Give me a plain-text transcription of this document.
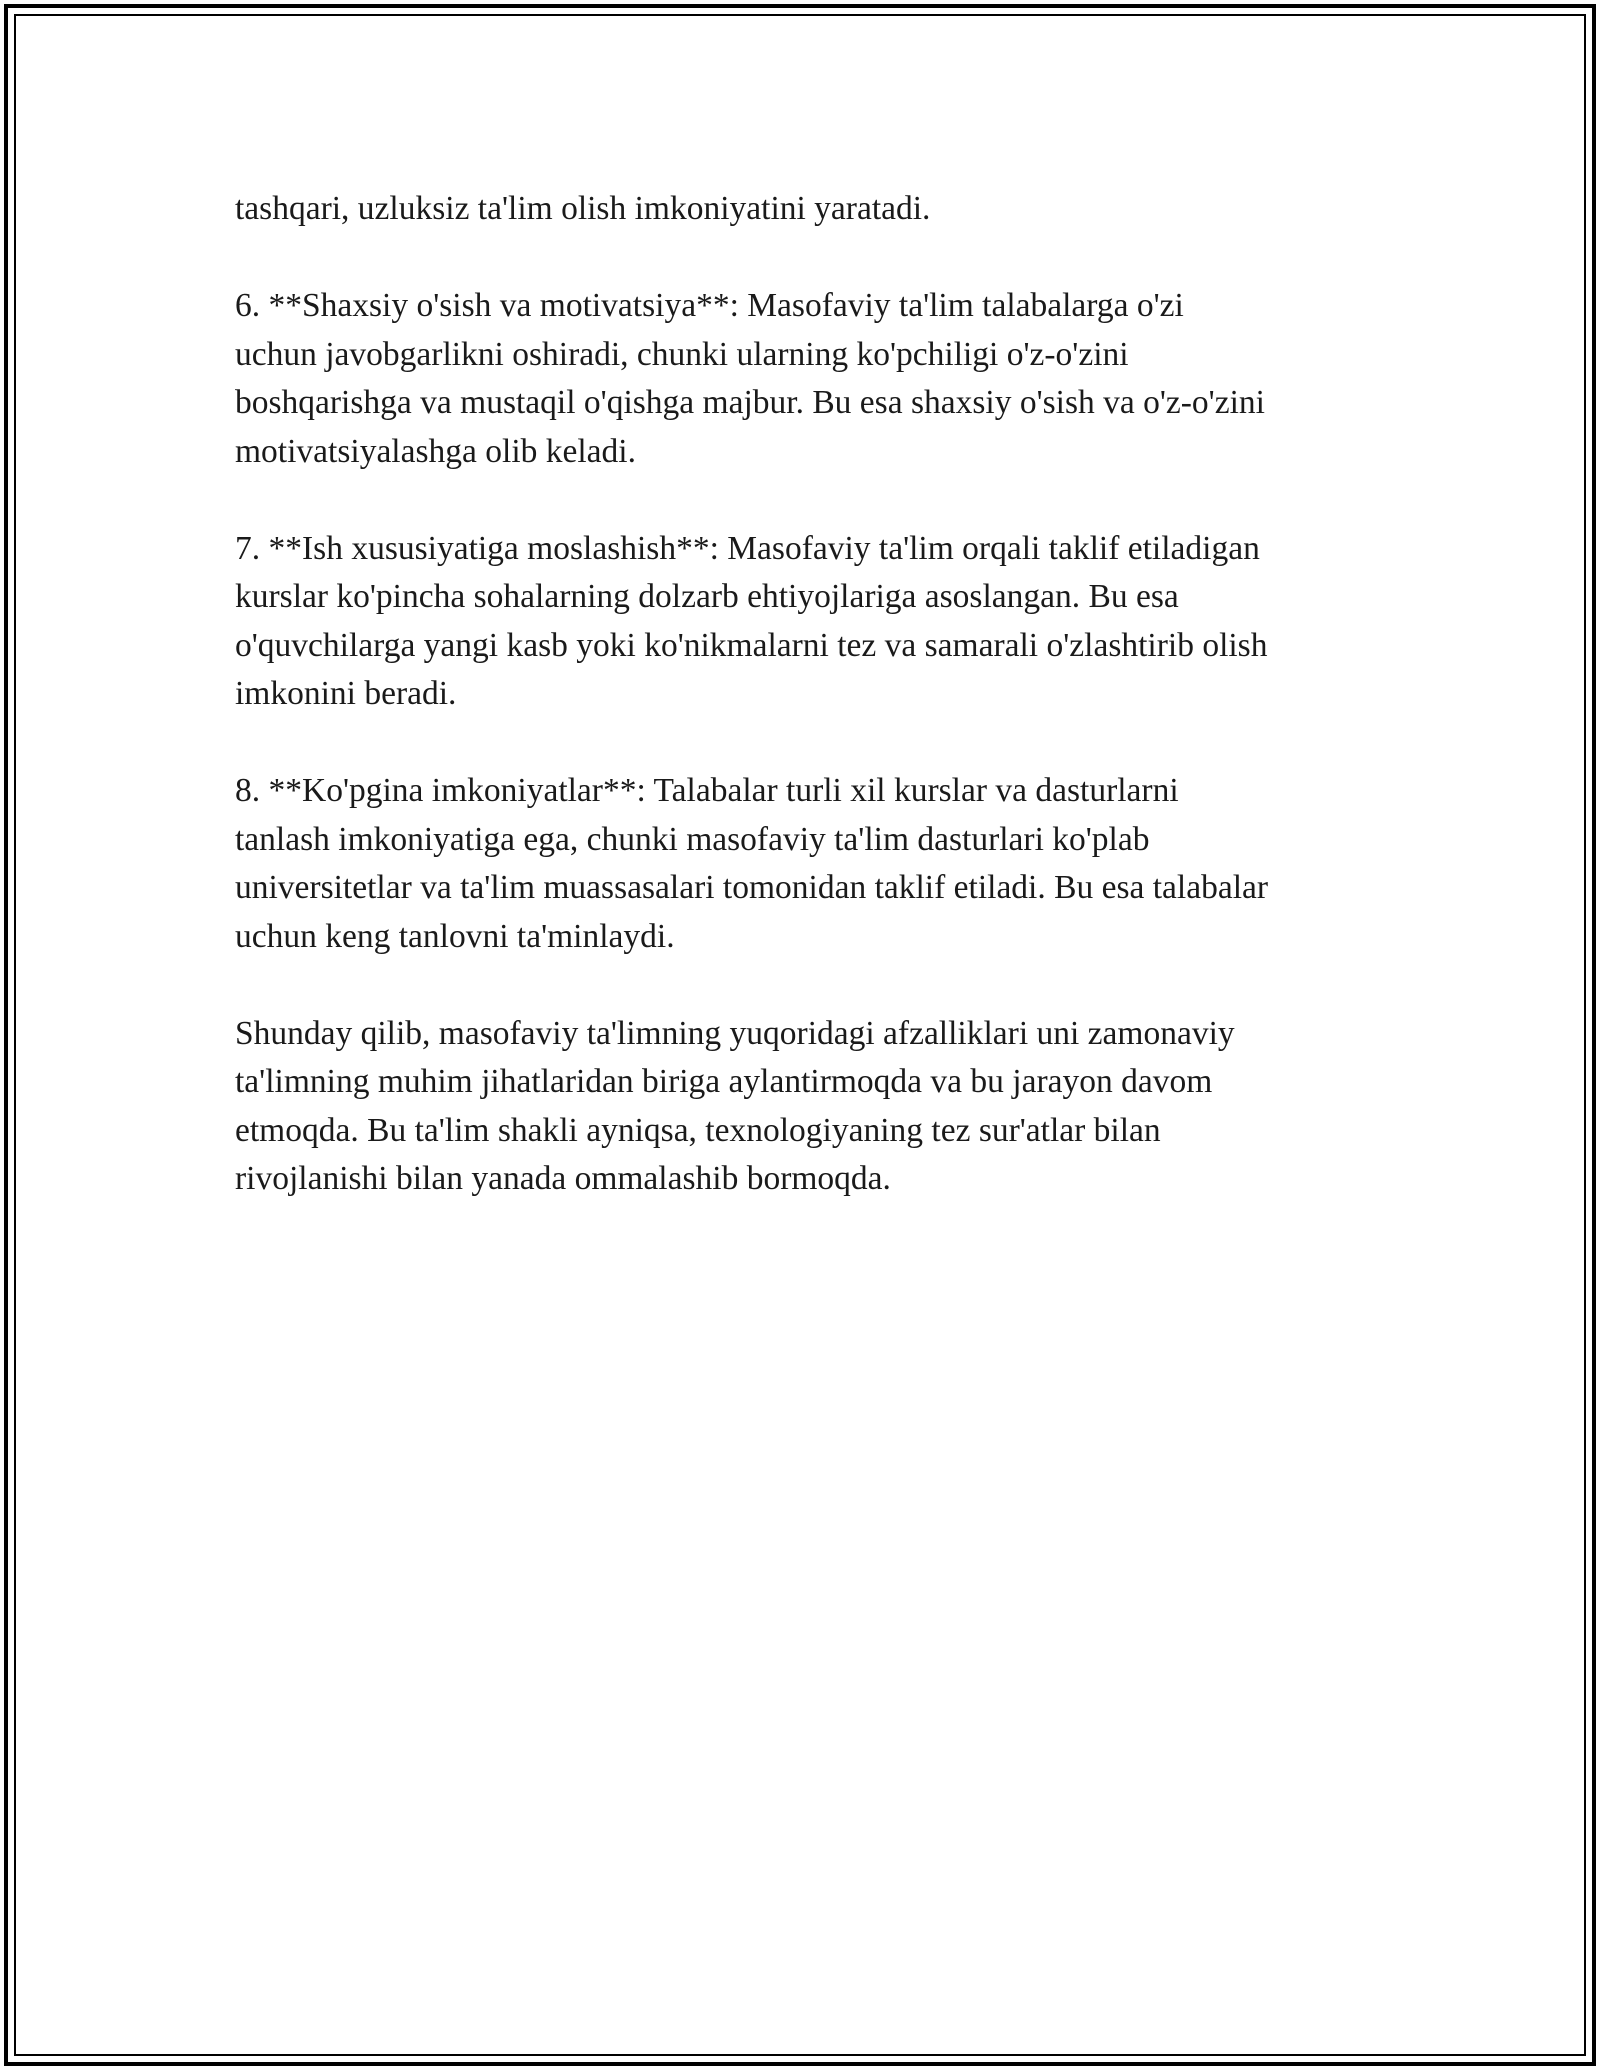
tashqari, uzluksiz ta'lim olish imkoniyatini yaratadi.
6. **Shaxsiy o'sish va motivatsiya**: Masofaviy ta'lim talabalarga o'zi
uchun javobgarlikni oshiradi, chunki ularning ko'pchiligi o'z-o'zini
boshqarishga va mustaqil o'qishga majbur. Bu esa shaxsiy o'sish va o'z-o'zini
motivatsiyalashga olib keladi.
7. **Ish xususiyatiga moslashish**: Masofaviy ta'lim orqali taklif etiladigan
kurslar ko'pincha sohalarning dolzarb ehtiyojlariga asoslangan. Bu esa
o'quvchilarga yangi kasb yoki ko'nikmalarni tez va samarali o'zlashtirib olish
imkonini beradi.
8. **Ko'pgina imkoniyatlar**: Talabalar turli xil kurslar va dasturlarni
tanlash imkoniyatiga ega, chunki masofaviy ta'lim dasturlari ko'plab
universitetlar va ta'lim muassasalari tomonidan taklif etiladi. Bu esa talabalar
uchun keng tanlovni ta'minlaydi.
Shunday qilib, masofaviy ta'limning yuqoridagi afzalliklari uni zamonaviy
ta'limning muhim jihatlaridan biriga aylantirmoqda va bu jarayon davom
etmoqda. Bu ta'lim shakli ayniqsa, texnologiyaning tez sur'atlar bilan
rivojlanishi bilan yanada ommalashib bormoqda.
